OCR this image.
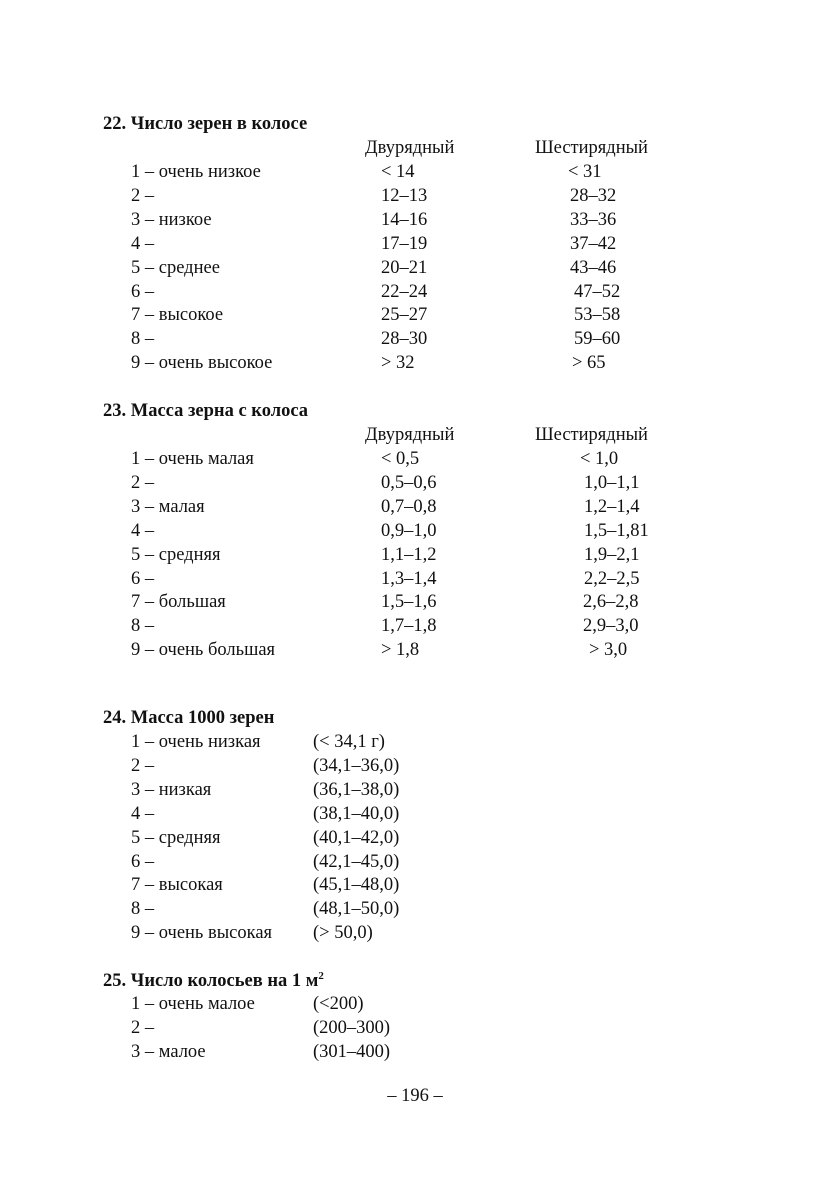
22. Число зерен в колосе
Двурядный	Шестирядный
1 – очень низкое	< 14	< 31
2 –	12–13	28–32
3 – низкое	14–16	33–36
4 –	17–19	37–42
5 – среднее	20–21	43–46
6 –	22–24	47–52
7 – высокое	25–27	53–58
8 –	28–30	59–60
9 – очень высокое	> 32	> 65
23. Масса зерна с колоса
Двурядный	Шестирядный
1 – очень малая	< 0,5	< 1,0
2 –	0,5–0,6	1,0–1,1
3 – малая	0,7–0,8	1,2–1,4
4 –	0,9–1,0	1,5–1,81
5 – средняя	1,1–1,2	1,9–2,1
6 –	1,3–1,4	2,2–2,5
7 – большая	1,5–1,6	2,6–2,8
8 –	1,7–1,8	2,9–3,0
9 – очень большая	> 1,8	> 3,0
24. Масса 1000 зерен
1 – очень низкая	(< 34,1 г)
2 –	(34,1–36,0)
3 – низкая	(36,1–38,0)
4 –	(38,1–40,0)
5 – средняя	(40,1–42,0)
6 –	(42,1–45,0)
7 – высокая	(45,1–48,0)
8 –	(48,1–50,0)
9 – очень высокая (> 50,0)
25. Число колосьев на 1 $м^2$
1 – очень малое	(<200)
2 –	(200–300)
3 – малое	(301–400)
– 196 –
